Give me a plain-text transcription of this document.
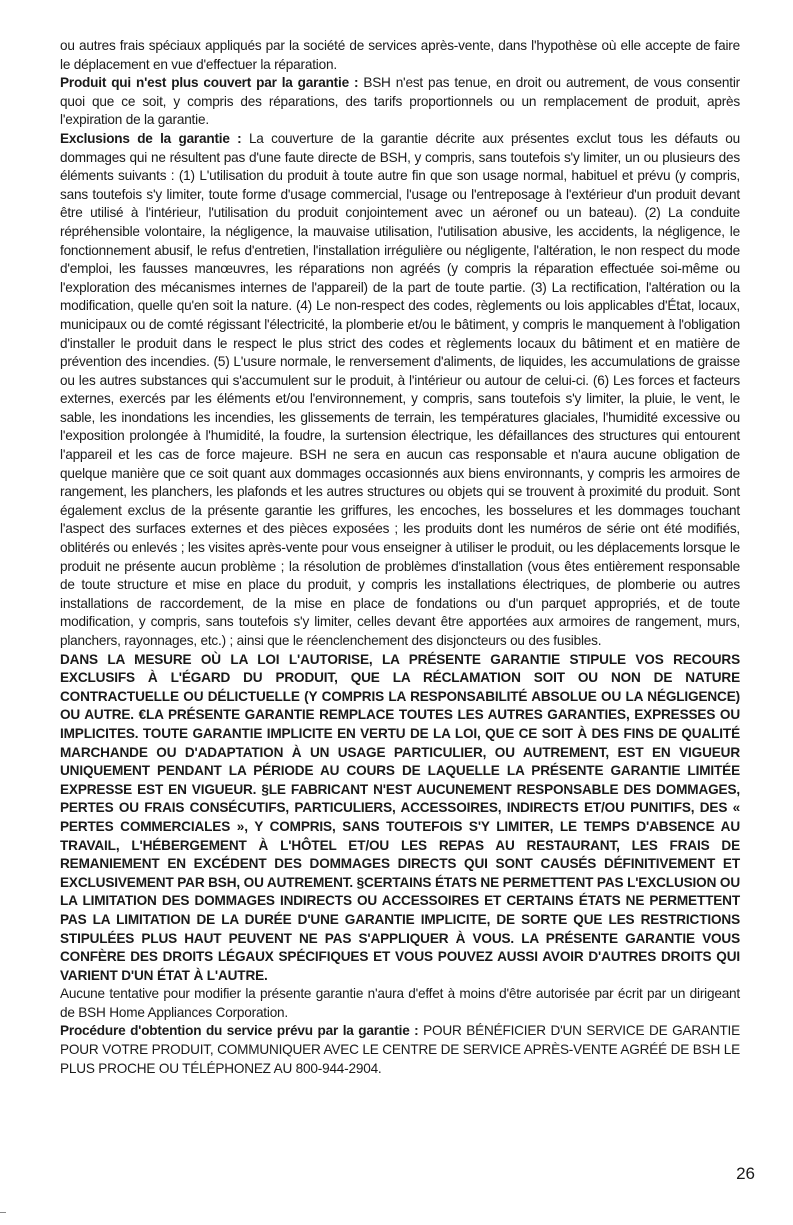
ou autres frais spéciaux appliqués par la société de services après-vente, dans l'hypothèse où elle accepte de faire le déplacement en vue d'effectuer la réparation.

Produit qui n'est plus couvert par la garantie : BSH n'est pas tenue, en droit ou autrement, de vous consentir quoi que ce soit, y compris des réparations, des tarifs proportionnels ou un remplacement de produit, après l'expiration de la garantie.

Exclusions de la garantie : La couverture de la garantie décrite aux présentes exclut tous les défauts ou dommages qui ne résultent pas d'une faute directe de BSH, y compris, sans toutefois s'y limiter, un ou plusieurs des éléments suivants : (1) L'utilisation du produit à toute autre fin que son usage normal, habituel et prévu (y compris, sans toutefois s'y limiter, toute forme d'usage commercial, l'usage ou l'entreposage à l'extérieur d'un produit devant être utilisé à l'intérieur, l'utilisation du produit conjointement avec un aéronef ou un bateau). (2) La conduite répréhensible volontaire, la négligence, la mauvaise utilisation, l'utilisation abusive, les accidents, la négligence, le fonctionnement abusif, le refus d'entretien, l'installation irrégulière ou négligente, l'altération, le non respect du mode d'emploi, les fausses manœuvres, les réparations non agréés (y compris la réparation effectuée soi-même ou l'exploration des mécanismes internes de l'appareil) de la part de toute partie. (3) La rectification, l'altération ou la modification, quelle qu'en soit la nature. (4) Le non-respect des codes, règlements ou lois applicables d'État, locaux, municipaux ou de comté régissant l'électricité, la plomberie et/ou le bâtiment, y compris le manquement à l'obligation d'installer le produit dans le respect le plus strict des codes et règlements locaux du bâtiment et en matière de prévention des incendies. (5) L'usure normale, le renversement d'aliments, de liquides, les accumulations de graisse ou les autres substances qui s'accumulent sur le produit, à l'intérieur ou autour de celui-ci. (6) Les forces et facteurs externes, exercés par les éléments et/ou l'environnement, y compris, sans toutefois s'y limiter, la pluie, le vent, le sable, les inondations les incendies, les glissements de terrain, les températures glaciales, l'humidité excessive ou l'exposition prolongée à l'humidité, la foudre, la surtension électrique, les défaillances des structures qui entourent l'appareil et les cas de force majeure. BSH ne sera en aucun cas responsable et n'aura aucune obligation de quelque manière que ce soit quant aux dommages occasionnés aux biens environnants, y compris les armoires de rangement, les planchers, les plafonds et les autres structures ou objets qui se trouvent à proximité du produit. Sont également exclus de la présente garantie les griffures, les encoches, les bosselures et les dommages touchant l'aspect des surfaces externes et des pièces exposées ; les produits dont les numéros de série ont été modifiés, oblitérés ou enlevés ; les visites après-vente pour vous enseigner à utiliser le produit, ou les déplacements lorsque le produit ne présente aucun problème ; la résolution de problèmes d'installation (vous êtes entièrement responsable de toute structure et mise en place du produit, y compris les installations électriques, de plomberie ou autres installations de raccordement, de la mise en place de fondations ou d'un parquet appropriés, et de toute modification, y compris, sans toutefois s'y limiter, celles devant être apportées aux armoires de rangement, murs, planchers, rayonnages, etc.) ; ainsi que le réenclenchement des disjoncteurs ou des fusibles.

DANS LA MESURE OÙ LA LOI L'AUTORISE, LA PRÉSENTE GARANTIE STIPULE VOS RECOURS EXCLUSIFS À L'ÉGARD DU PRODUIT, QUE LA RÉCLAMATION SOIT OU NON DE NATURE CONTRACTUELLE OU DÉLICTUELLE (Y COMPRIS LA RESPONSABILITÉ ABSOLUE OU LA NÉGLIGENCE) OU AUTRE. €LA PRÉSENTE GARANTIE REMPLACE TOUTES LES AUTRES GARANTIES, EXPRESSES OU IMPLICITES. TOUTE GARANTIE IMPLICITE EN VERTU DE LA LOI, QUE CE SOIT À DES FINS DE QUALITÉ MARCHANDE OU D'ADAPTATION À UN USAGE PARTICULIER, OU AUTREMENT, EST EN VIGUEUR UNIQUEMENT PENDANT LA PÉRIODE AU COURS DE LAQUELLE LA PRÉSENTE GARANTIE LIMITÉE EXPRESSE EST EN VIGUEUR. §LE FABRICANT N'EST AUCUNEMENT RESPONSABLE DES DOMMAGES, PERTES OU FRAIS CONSÉCUTIFS, PARTICULIERS, ACCESSOIRES, INDIRECTS ET/OU PUNITIFS, DES « PERTES COMMERCIALES », Y COMPRIS, SANS TOUTEFOIS S'Y LIMITER, LE TEMPS D'ABSENCE AU TRAVAIL, L'HÉBERGEMENT À L'HÔTEL ET/OU LES REPAS AU RESTAURANT, LES FRAIS DE REMANIEMENT EN EXCÉDENT DES DOMMAGES DIRECTS QUI SONT CAUSÉS DÉFINITIVEMENT ET EXCLUSIVEMENT PAR BSH, OU AUTREMENT. §CERTAINS ÉTATS NE PERMETTENT PAS L'EXCLUSION OU LA LIMITATION DES DOMMAGES INDIRECTS OU ACCESSOIRES ET CERTAINS ÉTATS NE PERMETTENT PAS LA LIMITATION DE LA DURÉE D'UNE GARANTIE IMPLICITE, DE SORTE QUE LES RESTRICTIONS STIPULÉES PLUS HAUT PEUVENT NE PAS S'APPLIQUER À VOUS. LA PRÉSENTE GARANTIE VOUS CONFÈRE DES DROITS LÉGAUX SPÉCIFIQUES ET VOUS POUVEZ AUSSI AVOIR D'AUTRES DROITS QUI VARIENT D'UN ÉTAT À L'AUTRE.

Aucune tentative pour modifier la présente garantie n'aura d'effet à moins d'être autorisée par écrit par un dirigeant de BSH Home Appliances Corporation.

Procédure d'obtention du service prévu par la garantie : POUR BÉNÉFICIER D'UN SERVICE DE GARANTIE POUR VOTRE PRODUIT, COMMUNIQUER AVEC LE CENTRE DE SERVICE APRÈS-VENTE AGRÉÉ DE BSH LE PLUS PROCHE OU TÉLÉPHONEZ AU 800-944-2904.

26
